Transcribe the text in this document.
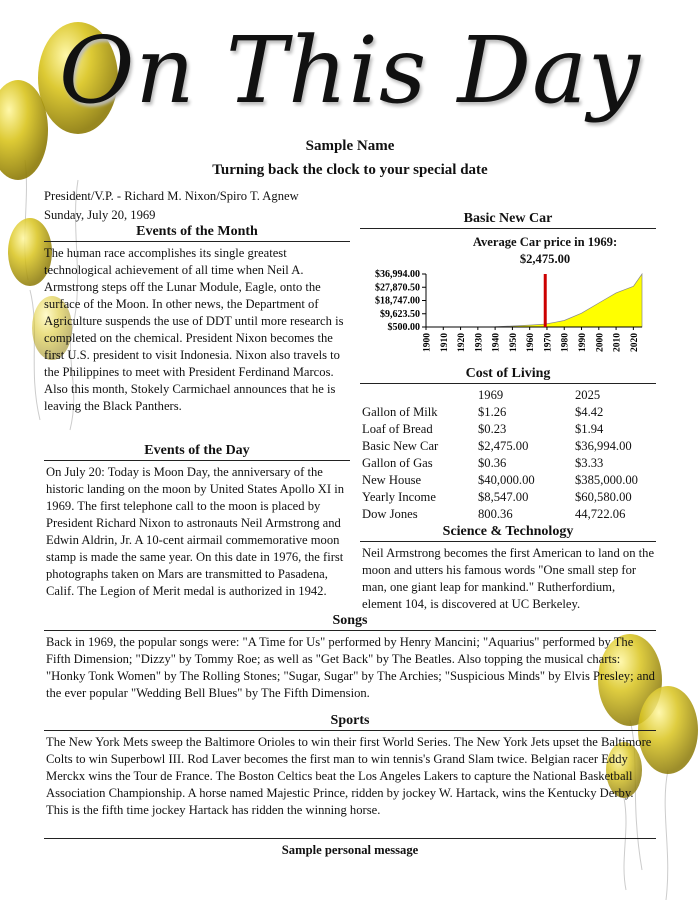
On This Day
Sample Name
Turning back the clock to your special date
President/V.P. - Richard M. Nixon/Spiro T. Agnew
Sunday, July 20, 1969
Events of the Month
The human race accomplishes its single greatest technological achievement of all time when Neil A. Armstrong steps off the Lunar Module, Eagle, onto the surface of the Moon. In other news, the Department of Agriculture suspends the use of DDT until more research is completed on the chemical. President Nixon becomes the first U.S. president to visit Indonesia. Nixon also travels to the Philippines to meet with President Ferdinand Marcos. Also this month, Stokely Carmichael announces that he is leaving the Black Panthers.
Events of the Day
On July 20: Today is Moon Day, the anniversary of the historic landing on the moon by United States Apollo XI in 1969. The first telephone call to the moon is placed by President Richard Nixon to astronauts Neil Armstrong and Edwin Aldrin, Jr. A 10-cent airmail commemorative moon stamp is made the same year. On this date in 1976, the first photographs taken on Mars are transmitted to Pasadena, Calif. The Legion of Merit medal is authorized in 1942.
Basic New Car
Average Car price in 1969:
$2,475.00
$500.00
$9,623.50
$18,747.00
$27,870.50
$36,994.00
1900 1910 1920 1930 1940 1950 1960 1970 1980 1990 2000 2010 2020
Cost of Living
	1969	2025
Gallon of Milk	$1.26	$4.42
Loaf of Bread	$0.23	$1.94
Basic New Car	$2,475.00	$36,994.00
Gallon of Gas	$0.36	$3.33
New House	$40,000.00	$385,000.00
Yearly Income	$8,547.00	$60,580.00
Dow Jones	800.36	44,722.06
Science & Technology
Neil Armstrong becomes the first American to land on the moon and utters his famous words "One small step for man, one giant leap for mankind." Rutherfordium, element 104, is discovered at UC Berkeley.
Songs
Back in 1969, the popular songs were: "A Time for Us" performed by Henry Mancini; "Aquarius" performed by The Fifth Dimension; "Dizzy" by Tommy Roe; as well as "Get Back" by The Beatles. Also topping the musical charts: "Honky Tonk Women" by The Rolling Stones; "Sugar, Sugar" by The Archies; "Suspicious Minds" by Elvis Presley; and the ever popular "Wedding Bell Blues" by The Fifth Dimension.
Sports
The New York Mets sweep the Baltimore Orioles to win their first World Series. The New York Jets upset the Baltimore Colts to win Superbowl III. Rod Laver becomes the first man to win tennis's Grand Slam twice. Belgian racer Eddy Merckx wins the Tour de France. The Boston Celtics beat the Los Angeles Lakers to capture the National Basketball Association Championship. A horse named Majestic Prince, ridden by jockey W. Hartack, wins the Kentucky Derby. This is the fifth time jockey Hartack has ridden the winning horse.
Sample personal message
